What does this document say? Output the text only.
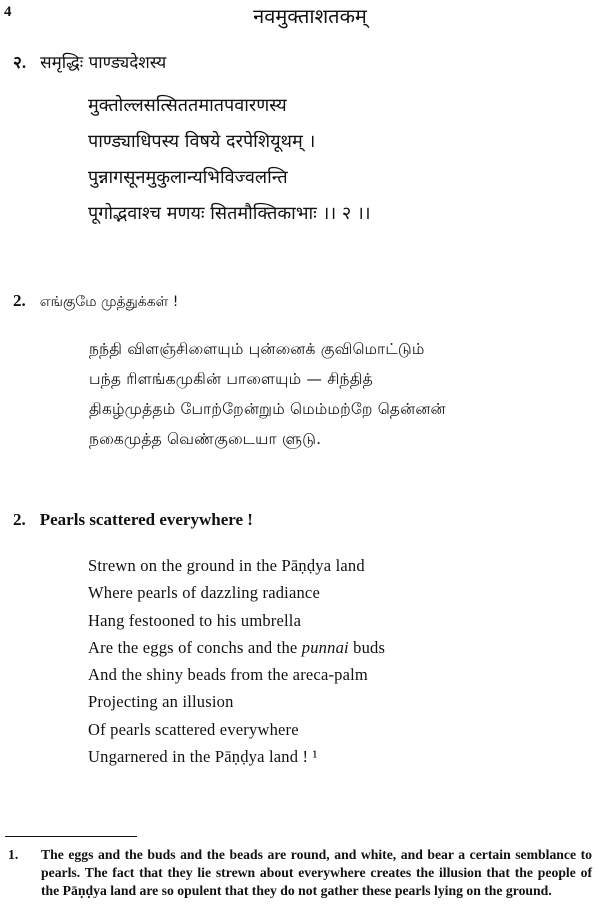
4	नवमुक्ताशतकम्
२. समृद्धिः पाण्ड्यदेशस्य
मुक्तोल्लसत्सिततमातपवारणस्य
पाण्ड्याधिपस्य विषये दरपेशियूथम् ।
पुन्नागसूनमुकुलान्यभिविज्वलन्ति
पूगोद्भवाश्च मणयः सितमौक्तिकाभाः ।। २ ।।
2. எங்குமே முத்துக்கள் !
நந்தி விளஞ்சிளையும் புன்னைக் குவிமொட்டும்
பந்த ரிளங்கமுகின் பாளையும் — சிந்தித்
திகழ்முத்தம் போற்றேன்றும் மெம்மற்றே தென்னன்
நகைமுத்த வெண்குடையா ளுடு.
2. Pearls scattered everywhere !
Strewn on the ground in the Pāṇḍya land
Where pearls of dazzling radiance
Hang festooned to his umbrella
Are the eggs of conchs and the punnai buds
And the shiny beads from the areca-palm
Projecting an illusion
Of pearls scattered everywhere
Ungarnered in the Pāṇḍya land ! ¹
1. The eggs and the buds and the beads are round, and white, and bear a certain semblance to pearls. The fact that they lie strewn about everywhere creates the illusion that the people of the Pāṇḍya land are so opulent that they do not gather these pearls lying on the ground.
